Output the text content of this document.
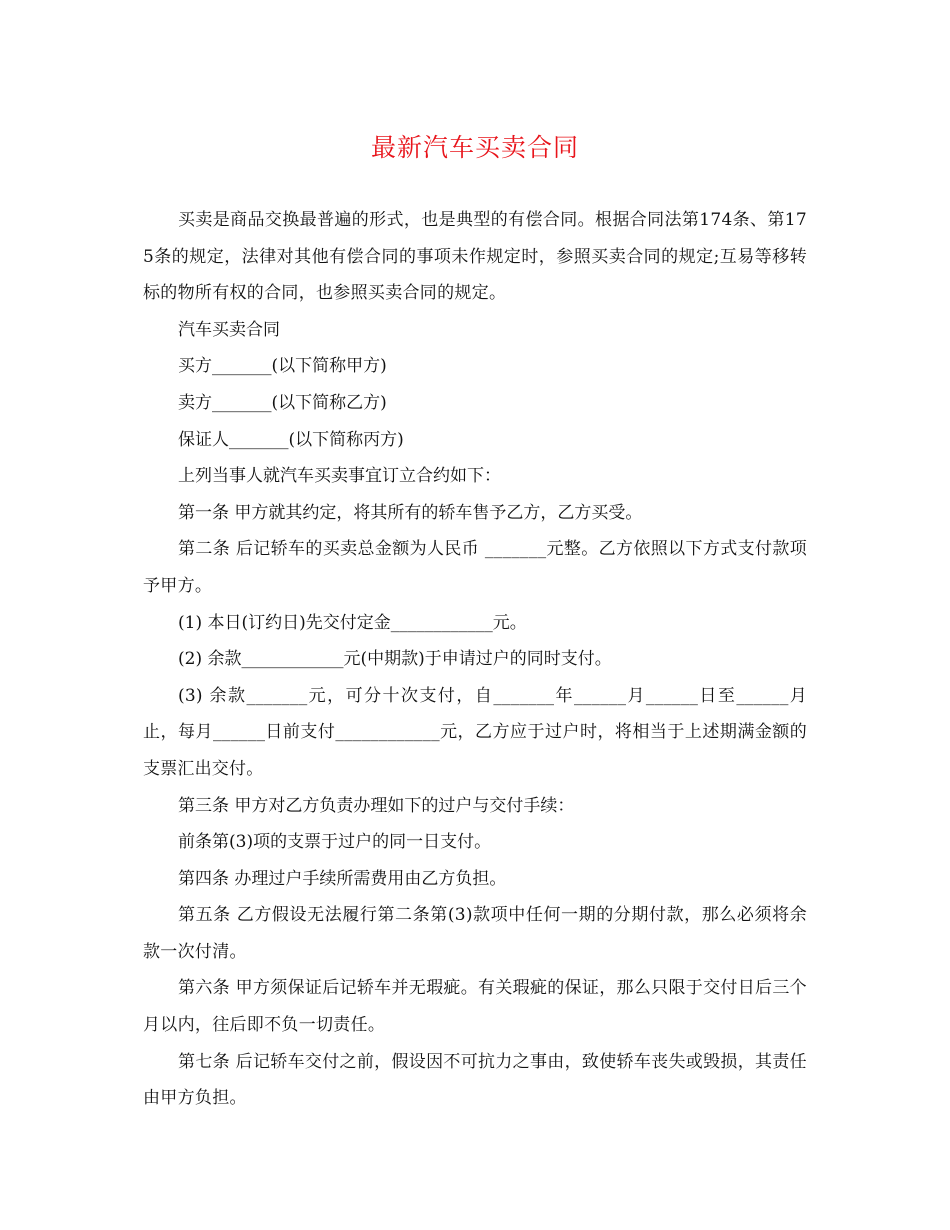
最新汽车买卖合同

买卖是商品交换最普遍的形式，也是典型的有偿合同。根据合同法第174条、第175条的规定，法律对其他有偿合同的事项未作规定时，参照买卖合同的规定;互易等移转标的物所有权的合同，也参照买卖合同的规定。

汽车买卖合同

买方_______(以下简称甲方)

卖方_______(以下简称乙方)

保证人_______(以下简称丙方)

上列当事人就汽车买卖事宜订立合约如下：

第一条 甲方就其约定，将其所有的轿车售予乙方，乙方买受。

第二条 后记轿车的买卖总金额为人民币 _______元整。乙方依照以下方式支付款项予甲方。

(1) 本日(订约日)先交付定金____________元。

(2) 余款____________元(中期款)于申请过户的同时支付。

(3) 余款_______元，可分十次支付，自_______年______月______日至______月止，每月______日前支付____________元，乙方应于过户时，将相当于上述期满金额的支票汇出交付。

第三条 甲方对乙方负责办理如下的过户与交付手续：

前条第(3)项的支票于过户的同一日支付。

第四条 办理过户手续所需费用由乙方负担。

第五条 乙方假设无法履行第二条第(3)款项中任何一期的分期付款，那么必须将余款一次付清。

第六条 甲方须保证后记轿车并无瑕疵。有关瑕疵的保证，那么只限于交付日后三个月以内，往后即不负一切责任。

第七条 后记轿车交付之前，假设因不可抗力之事由，致使轿车丧失或毁损，其责任由甲方负担。
